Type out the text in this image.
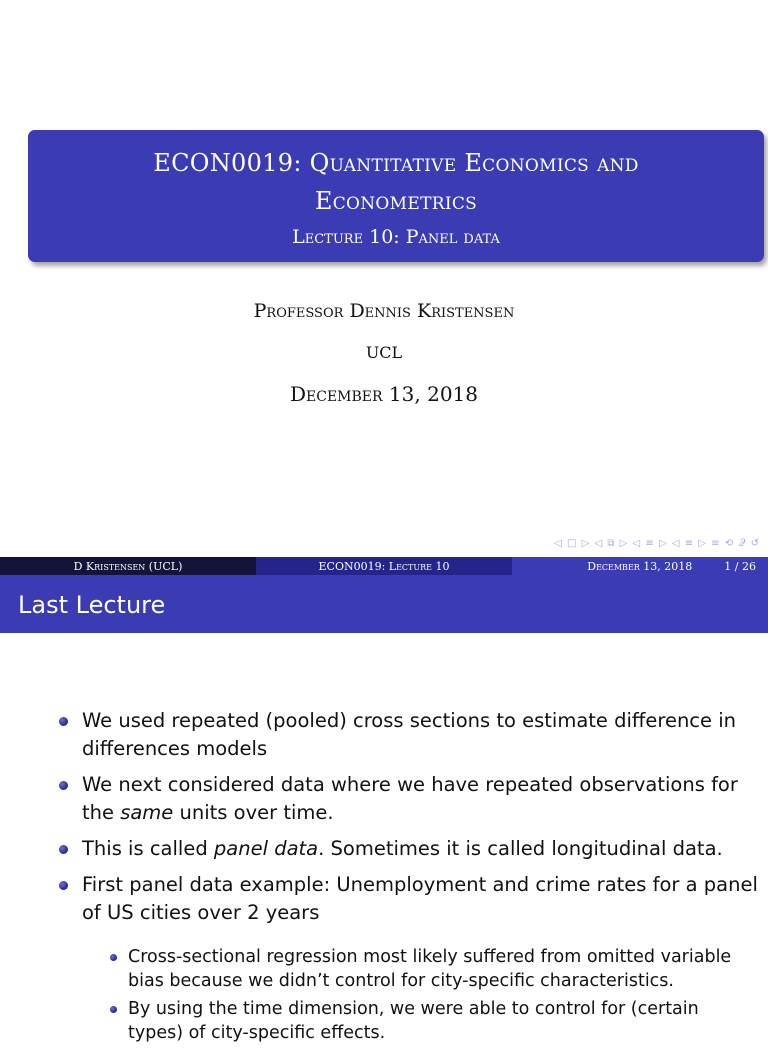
ECON0019: Quantitative Economics and
Econometrics
Lecture 10: Panel data
Professor Dennis Kristensen
UCL
December 13, 2018
◁ □ ▷ ◁ ⧉ ▷ ◁ ≡ ▷ ◁ ≡ ▷ ≡ ⟲ 𝒬 ↺
D Kristensen (UCL)	ECON0019: Lecture 10	December 13, 2018	1 / 26
Last Lecture
We used repeated (pooled) cross sections to estimate difference in differences models
We next considered data where we have repeated observations for the same units over time.
This is called panel data. Sometimes it is called longitudinal data.
First panel data example: Unemployment and crime rates for a panel of US cities over 2 years
Cross-sectional regression most likely suffered from omitted variable bias because we didn’t control for city-specific characteristics.
By using the time dimension, we were able to control for (certain types) of city-specific effects.
